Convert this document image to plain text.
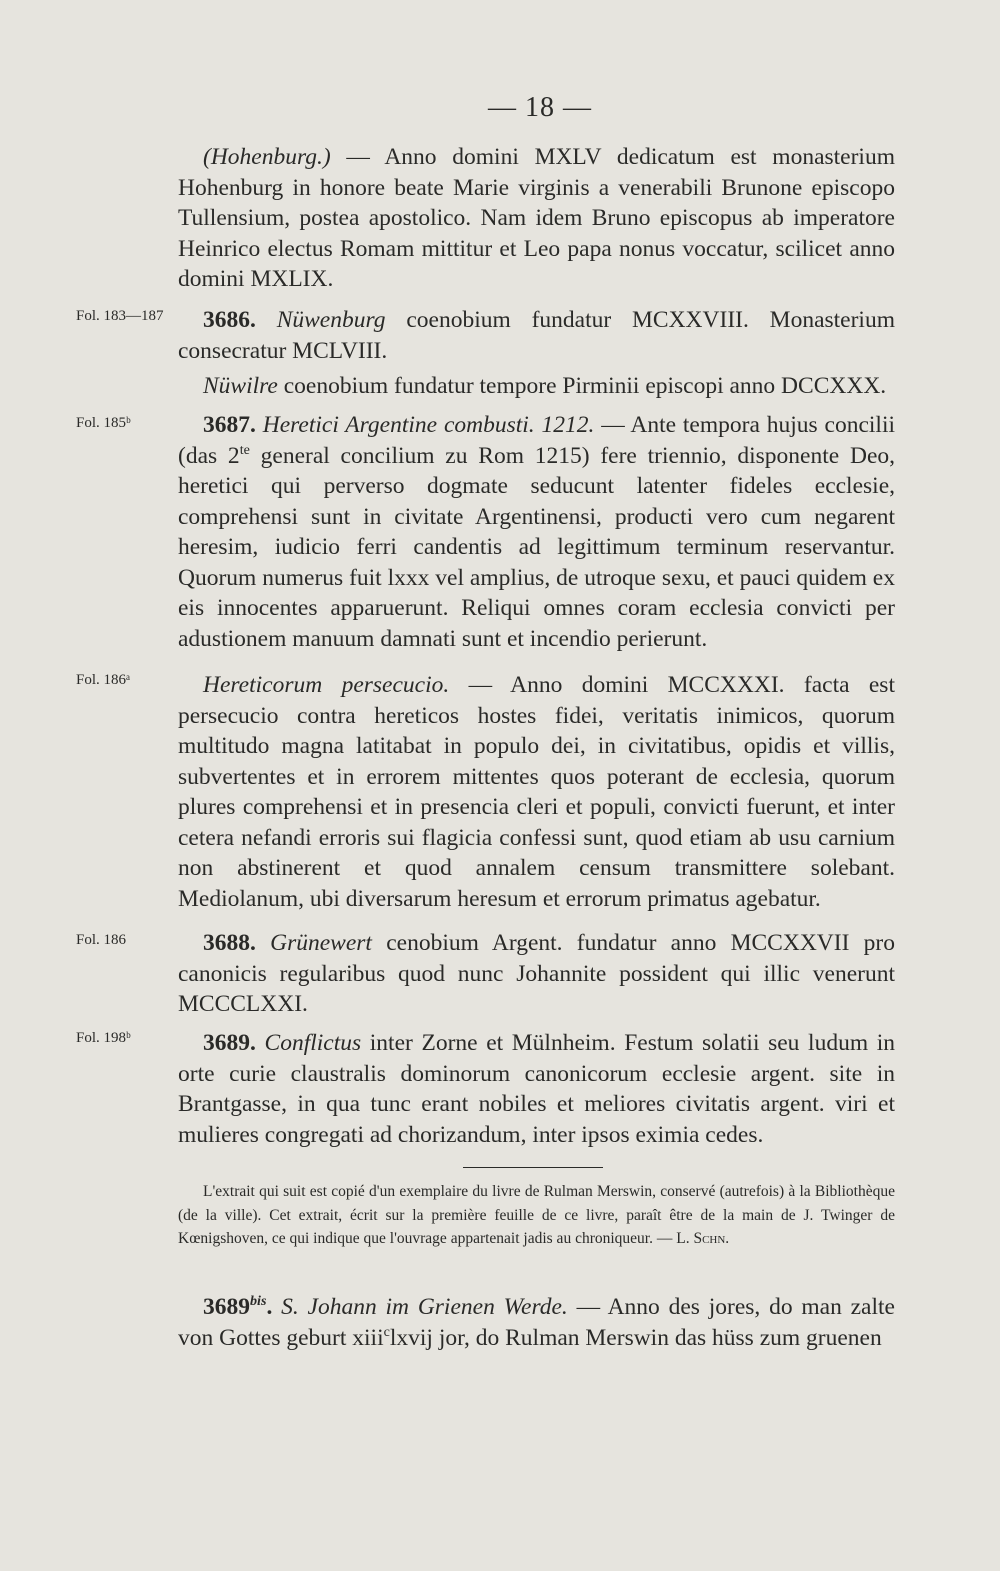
— 18 —
(Hohenburg.) — Anno domini MXLV dedicatum est monasterium Hohenburg in honore beate Marie virginis a venerabili Brunone episcopo Tullensium, postea apostolico. Nam idem Bruno episcopus ab imperatore Heinrico electus Romam mittitur et Leo papa nonus voccatur, scilicet anno domini MXLIX.
Fol. 183—187	3686. Nüwenburg coenobium fundatur MCXXVIII. Monasterium consecratur MCLVIII.
Nüwilre coenobium fundatur tempore Pirminii episcopi anno DCCXXX.
Fol. 185ᵇ	3687. Heretici Argentine combusti. 1212. — Ante tempora hujus concilii (das $2^{te}$ general concilium zu Rom 1215) fere triennio, disponente Deo, heretici qui perverso dogmate seducunt latenter fideles ecclesie, comprehensi sunt in civitate Argentinensi, producti vero cum negarent heresim, iudicio ferri candentis ad legittimum terminum reservantur. Quorum numerus fuit lxxx vel amplius, de utroque sexu, et pauci quidem ex eis innocentes apparuerunt. Reliqui omnes coram ecclesia convicti per adustionem manuum damnati sunt et incendio perierunt.
Fol. 186ᵃ	Hereticorum persecucio. — Anno domini MCCXXXI. facta est persecucio contra hereticos hostes fidei, veritatis inimicos, quorum multitudo magna latitabat in populo dei, in civitatibus, opidis et villis, subvertentes et in errorem mittentes quos poterant de ecclesia, quorum plures comprehensi et in presencia cleri et populi, convicti fuerunt, et inter cetera nefandi erroris sui flagicia confessi sunt, quod etiam ab usu carnium non abstinerent et quod annalem censum transmittere solebant. Mediolanum, ubi diversarum heresum et errorum primatus agebatur.
Fol. 186	3688. Grünewert cenobium Argent. fundatur anno MCCXXVII pro canonicis regularibus quod nunc Johannite possident qui illic venerunt MCCCLXXI.
Fol. 198ᵇ	3689. Conflictus inter Zorne et Mülnheim. Festum solatii seu ludum in orte curie claustralis dominorum canonicorum ecclesie argent. site in Brantgasse, in qua tunc erant nobiles et meliores civitatis argent. viri et mulieres congregati ad chorizandum, inter ipsos eximia cedes.

L'extrait qui suit est copié d'un exemplaire du livre de Rulman Merswin, conservé (autrefois) à la Bibliothèque (de la ville). Cet extrait, écrit sur la première feuille de ce livre, paraît être de la main de J. Twinger de Kœnigshoven, ce qui indique que l'ouvrage appartenait jadis au chroniqueur. — L. Schn.

$3689^{bis}$. S. Johann im Grienen Werde. — Anno des jores, do man zalte von Gottes geburt xiii$^c$lxvij jor, do Rulman Merswin das hüss zum gruenen
